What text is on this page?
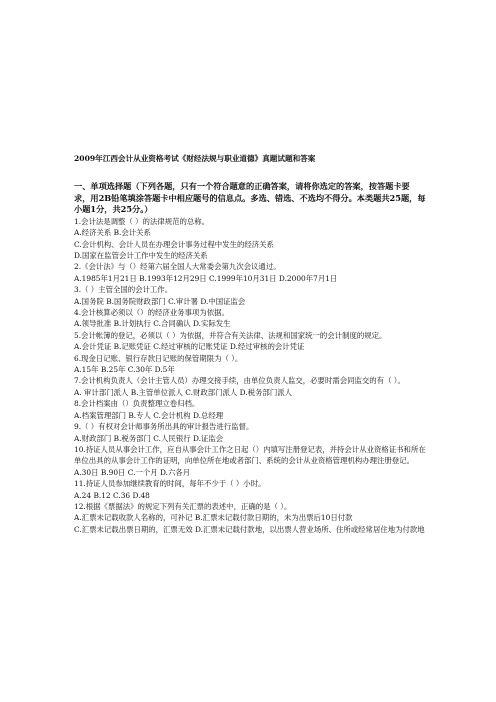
2009年江西会计从业资格考试《财经法规与职业道德》真题试题和答案
一、单项选择题（下列各题，只有一个符合题意的正确答案，请将你选定的答案，按答题卡要求，用2B铅笔填涂答题卡中相应题号的信息点。多选、错选、不选均不得分。本类题共25题，每小题1分，共25分。）
1.会计法是调整（ ）的法律规范的总称。
A.经济关系 B.会计关系
C.会计机构、会计人员在办理会计事务过程中发生的经济关系
D.国家在监管会计工作中发生的经济关系
2.《会计法》与（）经第六届全国人大常委会第九次会议通过。
A.1985年1月21日 B.1993年12月29日 C.1999年10月31日 D.2000年7月1日
3.（ ）主管全国的会计工作。
A.国务院 B.国务院财政部门 C.审计署 D.中国证监会
4.会计核算必须以（）的经济业务事项为依据。
A.领导批准 B.计划执行 C.合同确认 D.实际发生
5.会计帐簿的登记，必须以（ ）为依据，并符合有关法律、法规和国家统一的会计制度的规定。
A.会计凭证 B.记账凭证 C.经过审核的记账凭证 D.经过审核的会计凭证
6.现金日记账、银行存款日记账的保管期限为（ ）。
A.15年 B.25年 C.30年 D.5年
7.会计机构负责人（会计主管人员）办理交接手续，由单位负责人监交，必要时需会同监交的有（ ）。
A. 审计部门派人 B.主管单位派人 C.财政部门派人 D.税务部门派人
8.会计档案由（）负责整理立卷归档。
A.档案管理部门 B.专人 C.会计机构 D.总经理
9.（ ）有权对会计师事务所出具的审计报告进行监督。
A.财政部门 B.税务部门 C.人民银行 D.证监会
10.持证人员从事会计工作，应自从事会计工作之日起（）内填写注册登记表，并持会计从业资格证书和所在单位出具的从事会计工作的证明，向单位所在地或者部门、系统的会计从业资格管理机构办理注册登记。
A.30日 B.90日 C.一个月 D.六各月
11.持证人员参加继续教育的时间，每年不少于（ ）小时。
A.24 B.12 C.36 D.48
12.根据《票据法》的规定下列有关汇票的表述中，正确的是（ ）。
A.汇票未记载收款人名称的，可补记 B.汇票未记载付款日期的，未为出票后10日付款
C.汇票未记载出票日期的，汇票无效 D.汇票未记载付款地，以出票人营业场所、住所或经常居住地为付款地
